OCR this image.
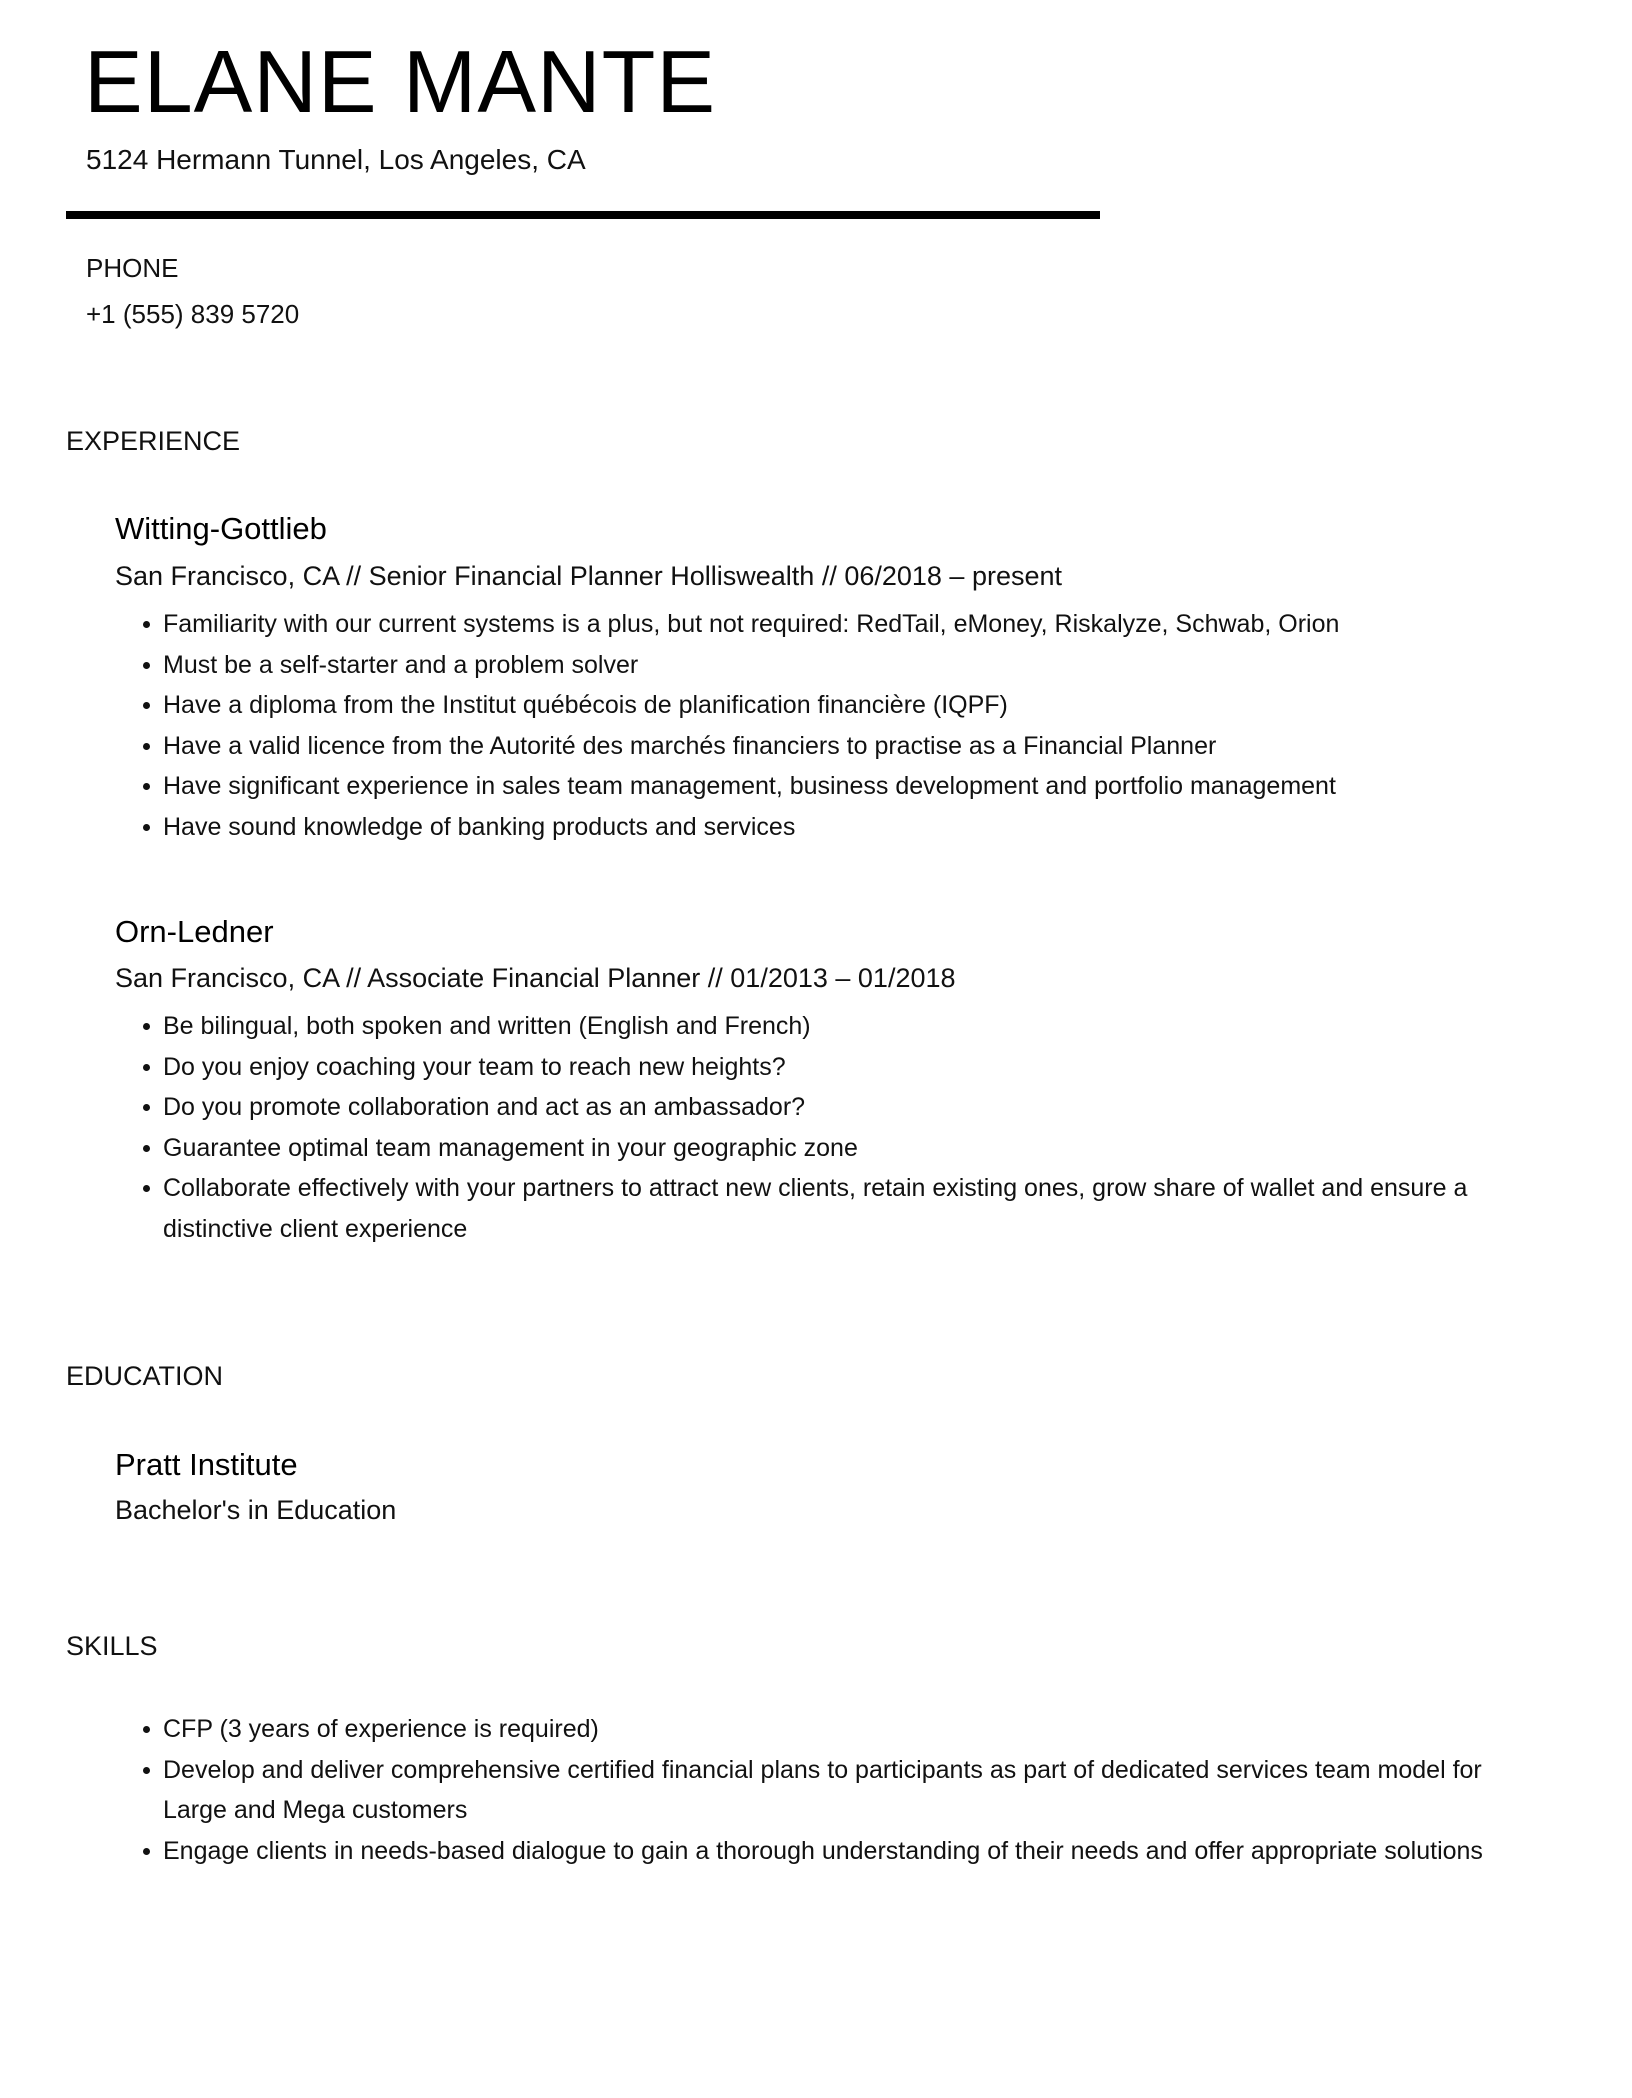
ELANE MANTE
5124 Hermann Tunnel, Los Angeles, CA
PHONE
+1 (555) 839 5720
EXPERIENCE
Witting-Gottlieb
San Francisco, CA // Senior Financial Planner Holliswealth // 06/2018 – present
Familiarity with our current systems is a plus, but not required: RedTail, eMoney, Riskalyze, Schwab, Orion
Must be a self-starter and a problem solver
Have a diploma from the Institut québécois de planification financière (IQPF)
Have a valid licence from the Autorité des marchés financiers to practise as a Financial Planner
Have significant experience in sales team management, business development and portfolio management
Have sound knowledge of banking products and services
Orn-Ledner
San Francisco, CA // Associate Financial Planner // 01/2013 – 01/2018
Be bilingual, both spoken and written (English and French)
Do you enjoy coaching your team to reach new heights?
Do you promote collaboration and act as an ambassador?
Guarantee optimal team management in your geographic zone
Collaborate effectively with your partners to attract new clients, retain existing ones, grow share of wallet and ensure a distinctive client experience
EDUCATION
Pratt Institute
Bachelor's in Education
SKILLS
CFP (3 years of experience is required)
Develop and deliver comprehensive certified financial plans to participants as part of dedicated services team model for Large and Mega customers
Engage clients in needs-based dialogue to gain a thorough understanding of their needs and offer appropriate solutions
